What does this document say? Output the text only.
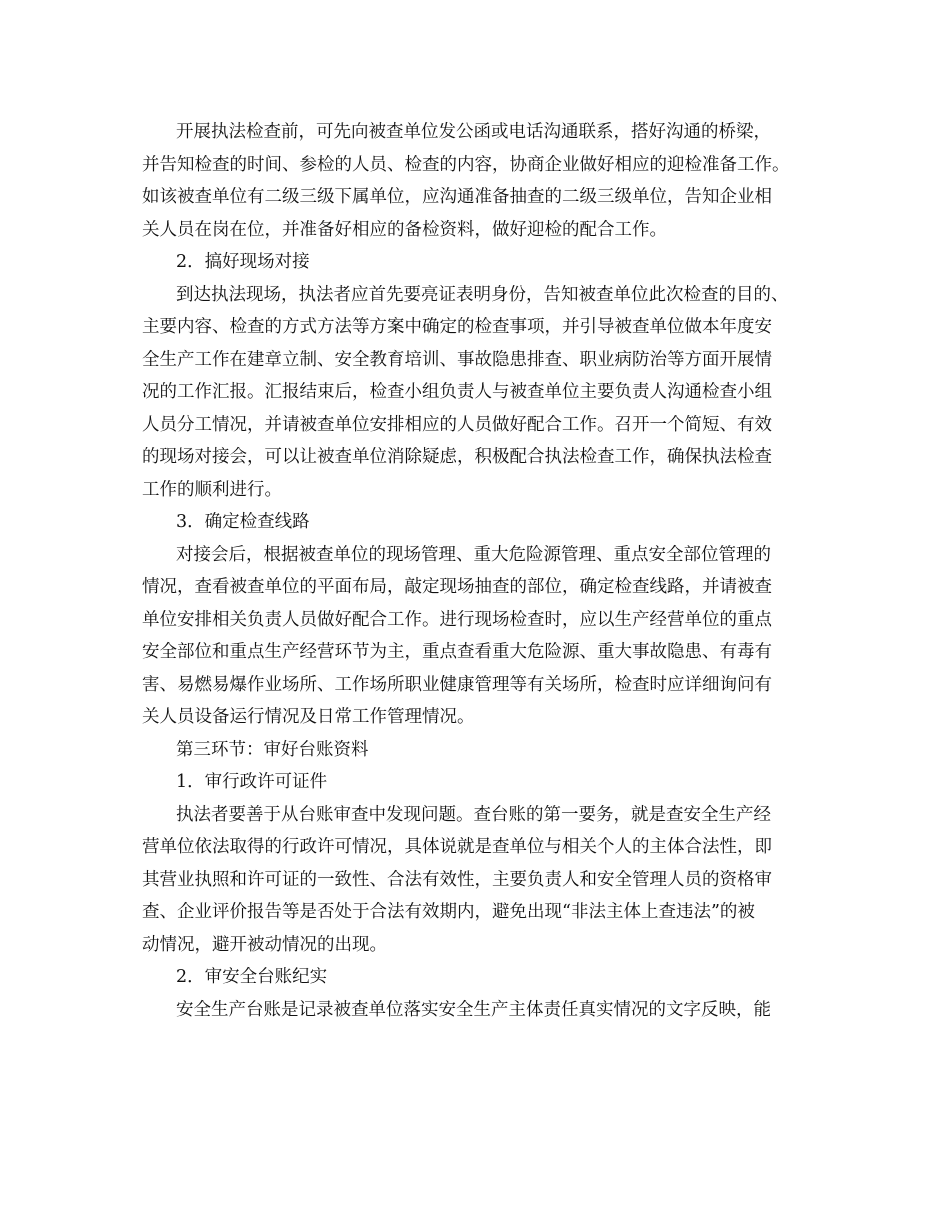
开展执法检查前，可先向被查单位发公函或电话沟通联系，搭好沟通的桥梁，
并告知检查的时间、参检的人员、检查的内容，协商企业做好相应的迎检准备工作。
如该被查单位有二级三级下属单位，应沟通准备抽查的二级三级单位，告知企业相
关人员在岗在位，并准备好相应的备检资料，做好迎检的配合工作。
2．搞好现场对接
到达执法现场，执法者应首先要亮证表明身份，告知被查单位此次检查的目的、
主要内容、检查的方式方法等方案中确定的检查事项，并引导被查单位做本年度安
全生产工作在建章立制、安全教育培训、事故隐患排查、职业病防治等方面开展情
况的工作汇报。汇报结束后，检查小组负责人与被查单位主要负责人沟通检查小组
人员分工情况，并请被查单位安排相应的人员做好配合工作。召开一个简短、有效
的现场对接会，可以让被查单位消除疑虑，积极配合执法检查工作，确保执法检查
工作的顺利进行。
3．确定检查线路
对接会后，根据被查单位的现场管理、重大危险源管理、重点安全部位管理的
情况，查看被查单位的平面布局，敲定现场抽查的部位，确定检查线路，并请被查
单位安排相关负责人员做好配合工作。进行现场检查时，应以生产经营单位的重点
安全部位和重点生产经营环节为主，重点查看重大危险源、重大事故隐患、有毒有
害、易燃易爆作业场所、工作场所职业健康管理等有关场所，检查时应详细询问有
关人员设备运行情况及日常工作管理情况。
第三环节：审好台账资料
1．审行政许可证件
执法者要善于从台账审查中发现问题。查台账的第一要务，就是查安全生产经
营单位依法取得的行政许可情况，具体说就是查单位与相关个人的主体合法性，即
其营业执照和许可证的一致性、合法有效性，主要负责人和安全管理人员的资格审
查、企业评价报告等是否处于合法有效期内，避免出现“非法主体上查违法”的被
动情况，避开被动情况的出现。
2．审安全台账纪实
安全生产台账是记录被查单位落实安全生产主体责任真实情况的文字反映，能
